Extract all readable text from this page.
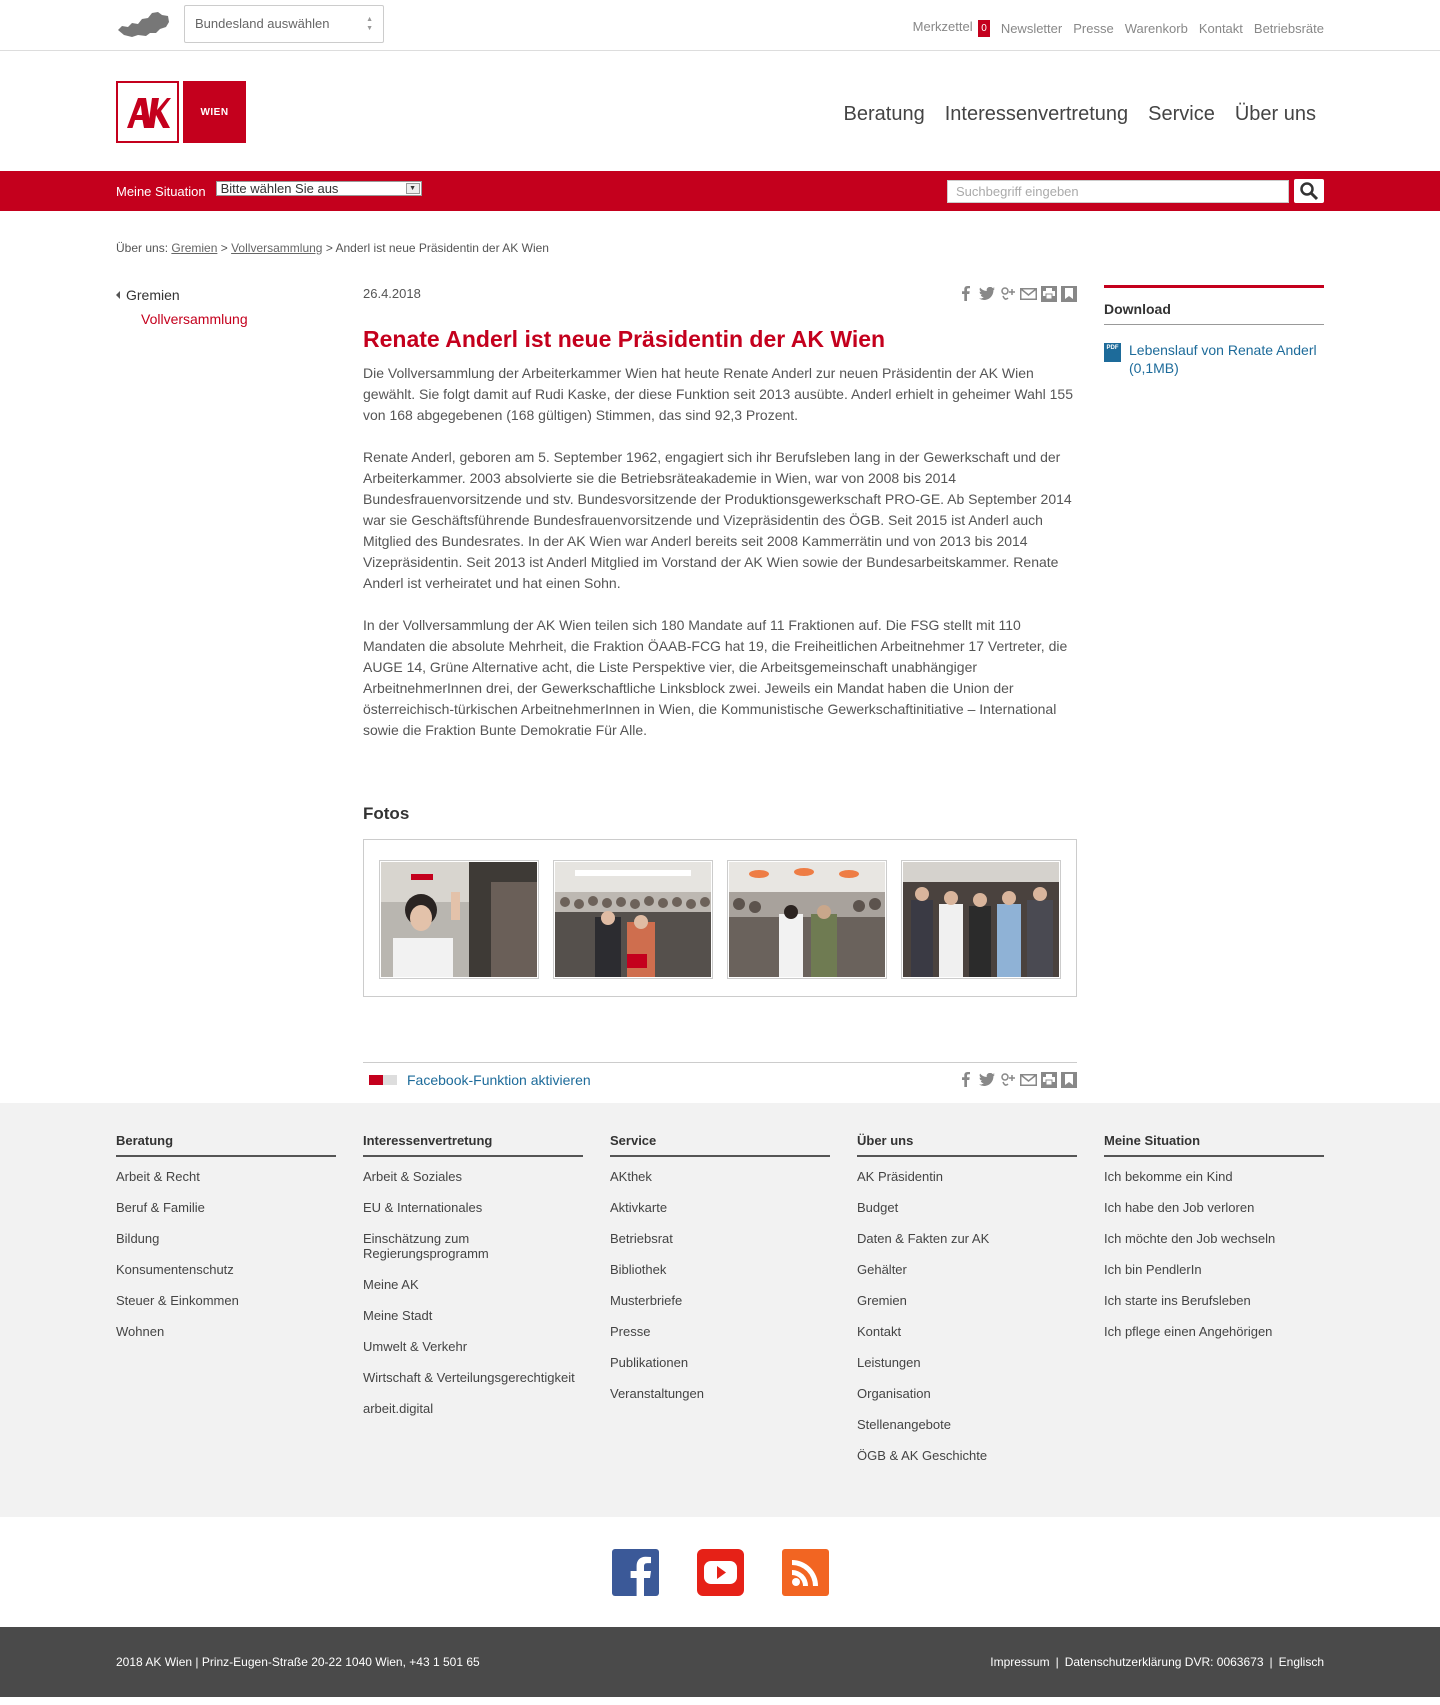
Bundesland auswählen	▲
▼	Merkzettel 0 Newsletter Presse Warenkorb Kontakt Betriebsräte
WIEN	Beratung Interessenvertretung Service Über uns
Meine Situation	Bitte wählen Sie aus	▼	Suchbegriff eingeben
Über uns: Gremien > Vollversammlung > Anderl ist neue Präsidentin der AK Wien
Gremien
Vollversammlung
26.4.2018
Renate Anderl ist neue Präsidentin der AK Wien

Die Vollversammlung der Arbeiterkammer Wien hat heute Renate Anderl zur neuen Präsidentin der AK Wien gewählt. Sie folgt damit auf Rudi Kaske, der diese Funktion seit 2013 ausübte. Anderl erhielt in geheimer Wahl 155 von 168 abgegebenen (168 gültigen) Stimmen, das sind 92,3 Prozent.

Renate Anderl, geboren am 5. September 1962, engagiert sich ihr Berufsleben lang in der Gewerkschaft und der Arbeiterkammer. 2003 absolvierte sie die Betriebsräteakademie in Wien, war von 2008 bis 2014 Bundesfrauenvorsitzende und stv. Bundesvorsitzende der Produktionsgewerkschaft PRO-GE. Ab September 2014 war sie Geschäftsführende Bundesfrauenvorsitzende und Vizepräsidentin des ÖGB. Seit 2015 ist Anderl auch Mitglied des Bundesrates. In der AK Wien war Anderl bereits seit 2008 Kammerrätin und von 2013 bis 2014 Vizepräsidentin. Seit 2013 ist Anderl Mitglied im Vorstand der AK Wien sowie der Bundesarbeitskammer. Renate Anderl ist verheiratet und hat einen Sohn.

In der Vollversammlung der AK Wien teilen sich 180 Mandate auf 11 Fraktionen auf. Die FSG stellt mit 110 Mandaten die absolute Mehrheit, die Fraktion ÖAAB-FCG hat 19, die Freiheitlichen Arbeitnehmer 17 Vertreter, die AUGE 14, Grüne Alternative acht, die Liste Perspektive vier, die Arbeitsgemeinschaft unabhängiger ArbeitnehmerInnen drei, der Gewerkschaftliche Linksblock zwei. Jeweils ein Mandat haben die Union der österreichisch-türkischen ArbeitnehmerInnen in Wien, die Kommunistische Gewerkschaftinitiative – International sowie die Fraktion Bunte Demokratie Für Alle.

Fotos
Facebook-Funktion aktivieren
Download
PDF Lebenslauf von Renate Anderl (0,1MB)
Beratung
Arbeit & Recht
Beruf & Familie
Bildung
Konsumentenschutz
Steuer & Einkommen
Wohnen
Interessenvertretung
Arbeit & Soziales
EU & Internationales
Einschätzung zum Regierungsprogramm
Meine AK
Meine Stadt
Umwelt & Verkehr
Wirtschaft & Verteilungsgerechtigkeit
arbeit.digital
Service
AKthek
Aktivkarte
Betriebsrat
Bibliothek
Musterbriefe
Presse
Publikationen
Veranstaltungen
Über uns
AK Präsidentin
Budget
Daten & Fakten zur AK
Gehälter
Gremien
Kontakt
Leistungen
Organisation
Stellenangebote
ÖGB & AK Geschichte
Meine Situation
Ich bekomme ein Kind
Ich habe den Job verloren
Ich möchte den Job wechseln
Ich bin PendlerIn
Ich starte ins Berufsleben
Ich pflege einen Angehörigen
2018 AK Wien | Prinz-Eugen-Straße 20-22 1040 Wien, +43 1 501 65	Impressum | Datenschutzerklärung DVR: 0063673 | Englisch
